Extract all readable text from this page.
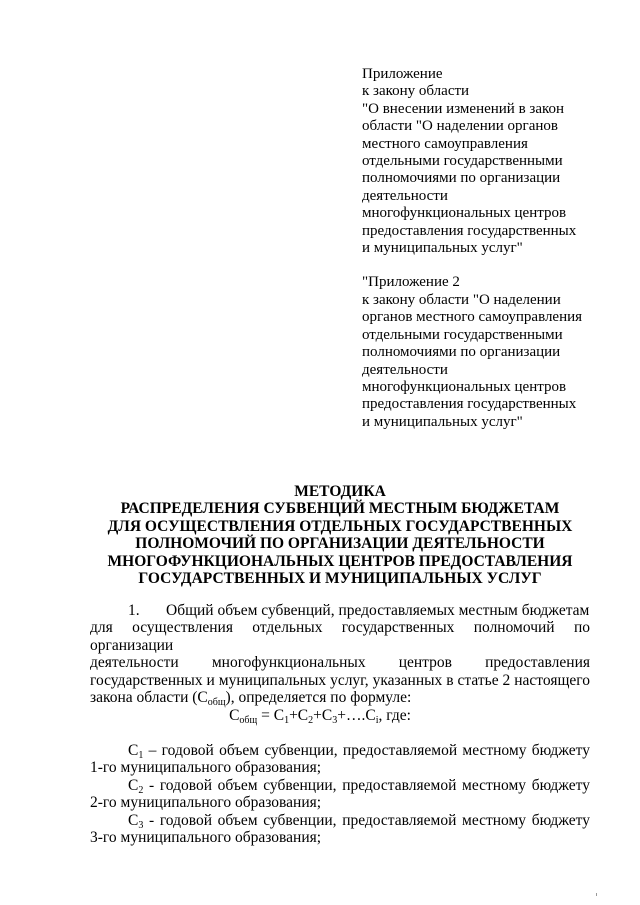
Приложение
к закону области
"О внесении изменений в закон
области "О наделении органов
местного самоуправления
отдельными государственными
полномочиями по организации
деятельности
многофункциональных центров
предоставления государственных
и муниципальных услуг"
"Приложение 2
к закону области "О наделении
органов местного самоуправления
отдельными государственными
полномочиями по организации
деятельности
многофункциональных центров
предоставления государственных
и муниципальных услуг"
МЕТОДИКА
РАСПРЕДЕЛЕНИЯ СУБВЕНЦИЙ МЕСТНЫМ БЮДЖЕТАМ
ДЛЯ ОСУЩЕСТВЛЕНИЯ ОТДЕЛЬНЫХ ГОСУДАРСТВЕННЫХ
ПОЛНОМОЧИЙ ПО ОРГАНИЗАЦИИ ДЕЯТЕЛЬНОСТИ
МНОГОФУНКЦИОНАЛЬНЫХ ЦЕНТРОВ ПРЕДОСТАВЛЕНИЯ
ГОСУДАРСТВЕННЫХ И МУНИЦИПАЛЬНЫХ УСЛУГ
1. Общий объем субвенций, предоставляемых местным бюджетам
для осуществления отдельных государственных полномочий по организации
деятельности многофункциональных центров предоставления
государственных и муниципальных услуг, указанных в статье 2 настоящего
закона области $(С_{общ})$, определяется по формуле:
$С_{общ}$ = $С_1+С_2+С_3+\dots.С_i$, где:
$С_1$ – годовой объем субвенции, предоставляемой местному бюджету
1-го муниципального образования;
$С_2$ - годовой объем субвенции, предоставляемой местному бюджету
2-го муниципального образования;
$С_3$ - годовой объем субвенции, предоставляемой местному бюджету
3-го муниципального образования;
